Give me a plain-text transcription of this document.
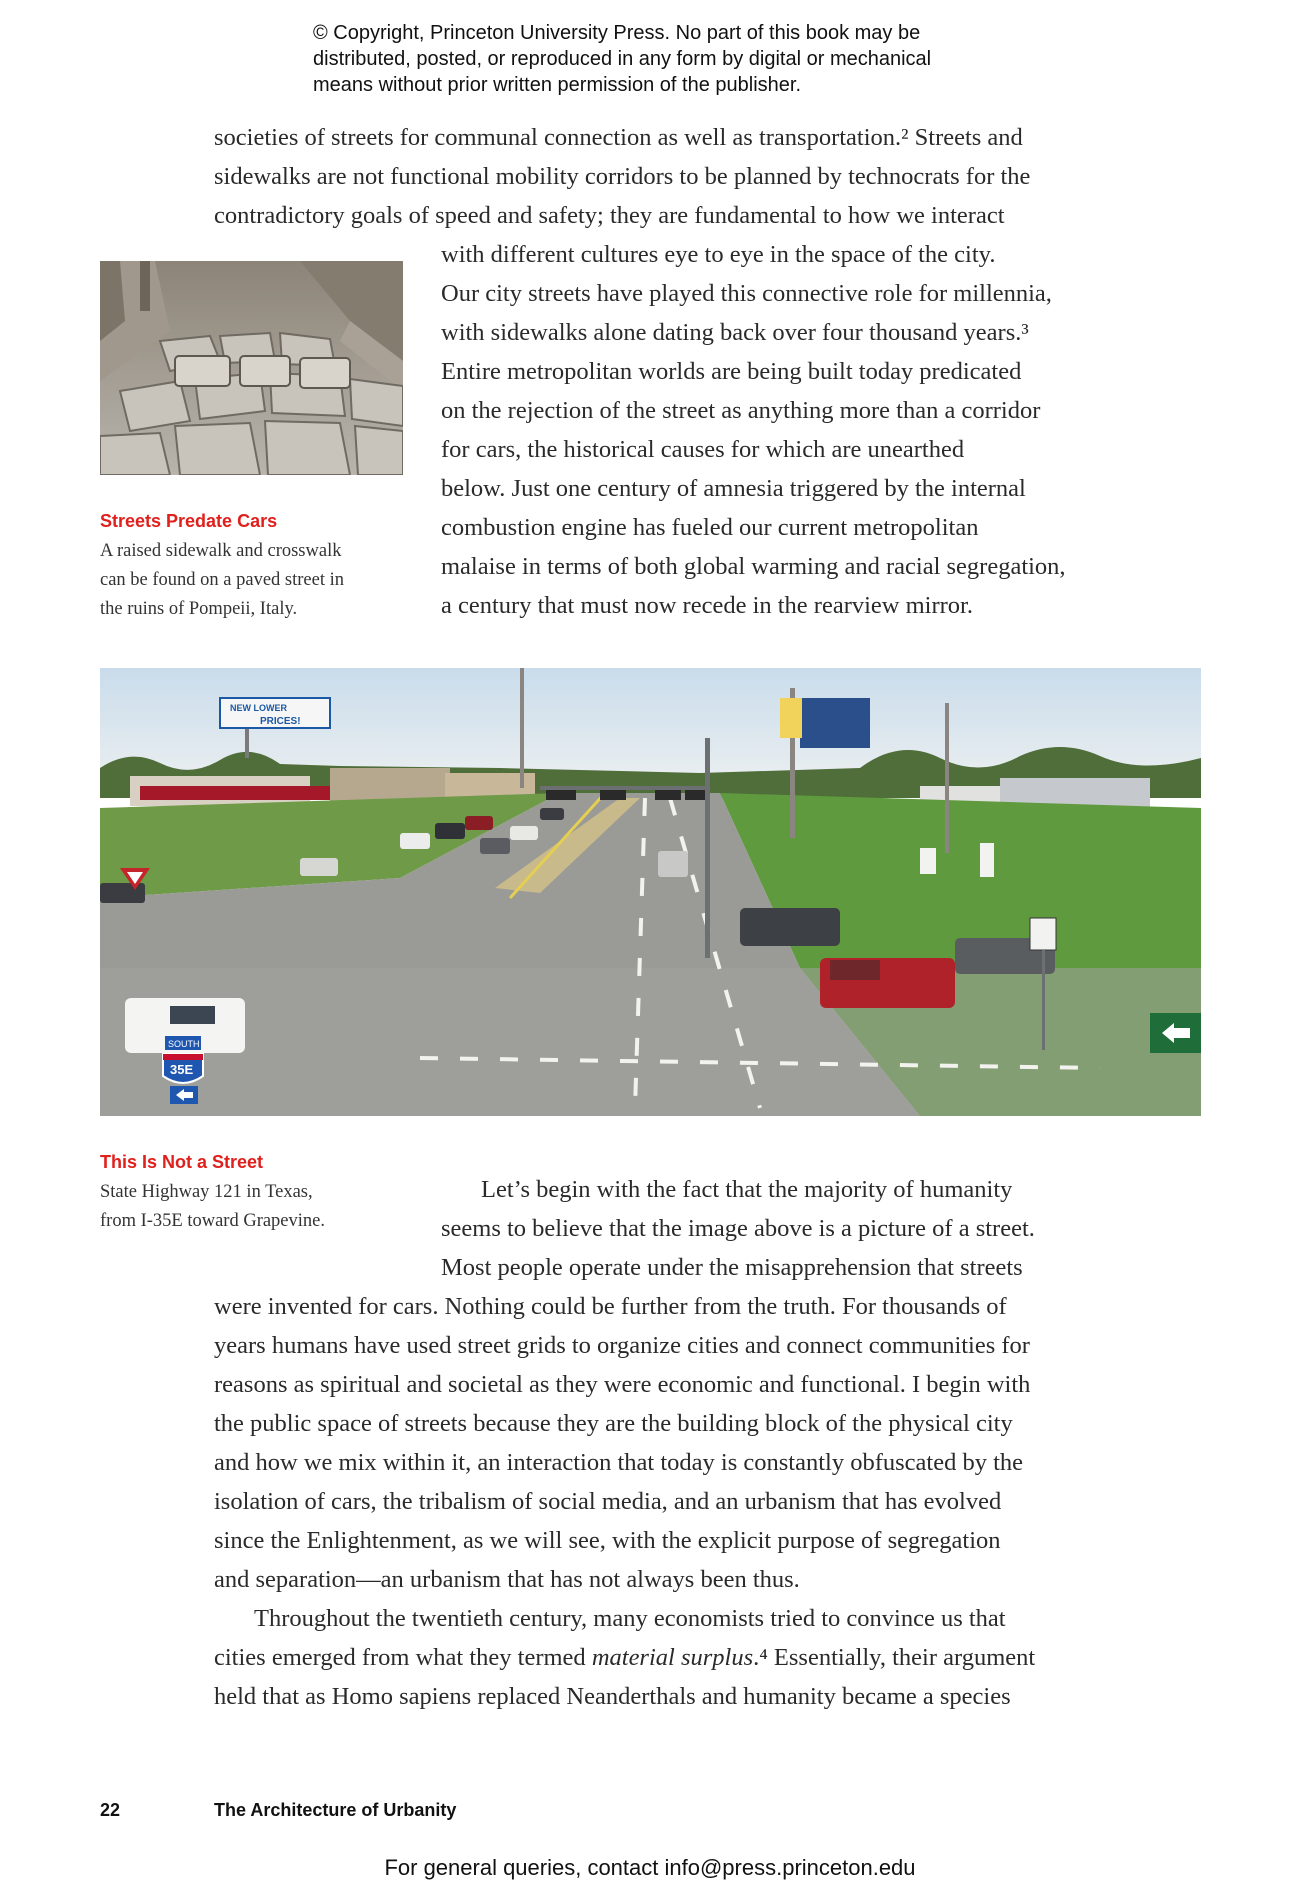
© Copyright, Princeton University Press. No part of this book may be
distributed, posted, or reproduced in any form by digital or mechanical
means without prior written permission of the publisher.
societies of streets for communal connection as well as transportation.² Streets and
sidewalks are not functional mobility corridors to be planned by technocrats for the
contradictory goals of speed and safety; they are fundamental to how we interact
with different cultures eye to eye in the space of the city.
Our city streets have played this connective role for millennia,
with sidewalks alone dating back over four thousand years.³
Entire metropolitan worlds are being built today predicated
on the rejection of the street as anything more than a corridor
for cars, the historical causes for which are unearthed
below. Just one century of amnesia triggered by the internal
combustion engine has fueled our current metropolitan
malaise in terms of both global warming and racial segregation,
a century that must now recede in the rearview mirror.
Streets Predate Cars
A raised sidewalk and crosswalk
can be found on a paved street in
the ruins of Pompeii, Italy.
NEW LOWER
PRICES!
SOUTH
35E
This Is Not a Street
State Highway 121 in Texas,
from I-35E toward Grapevine.
Let’s begin with the fact that the majority of humanity
seems to believe that the image above is a picture of a street.
Most people operate under the misapprehension that streets
were invented for cars. Nothing could be further from the truth. For thousands of
years humans have used street grids to organize cities and connect communities for
reasons as spiritual and societal as they were economic and functional. I begin with
the public space of streets because they are the building block of the physical city
and how we mix within it, an interaction that today is constantly obfuscated by the
isolation of cars, the tribalism of social media, and an urbanism that has evolved
since the Enlightenment, as we will see, with the explicit purpose of segregation
and separation—an urbanism that has not always been thus.
Throughout the twentieth century, many economists tried to convince us that
cities emerged from what they termed material surplus.⁴ Essentially, their argument
held that as Homo sapiens replaced Neanderthals and humanity became a species
22	The Architecture of Urbanity
For general queries, contact info@press.princeton.edu
